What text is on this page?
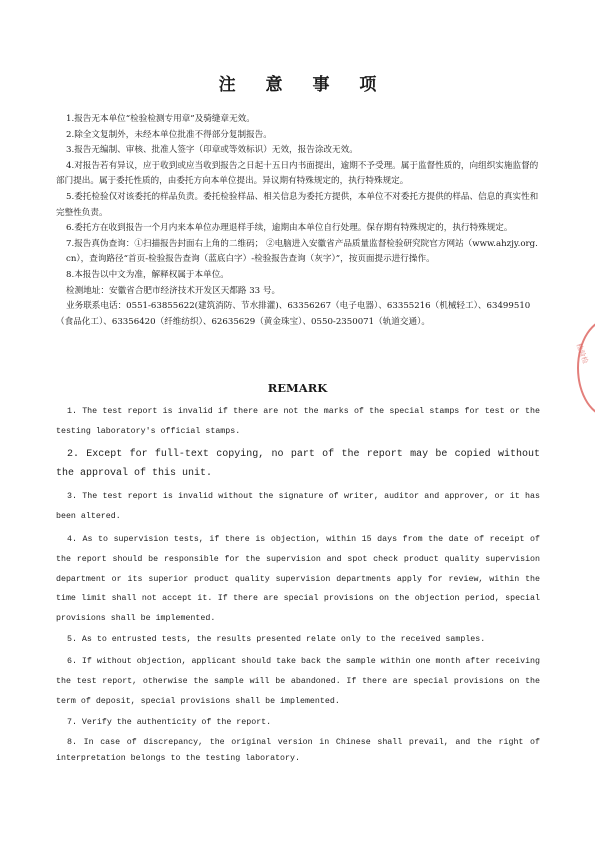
注 意 事 项

1.报告无本单位“检验检测专用章”及骑缝章无效。

2.除全文复制外，未经本单位批准不得部分复制报告。

3.报告无编制、审核、批准人签字（印章或等效标识）无效，报告涂改无效。

4.对报告若有异议，应于收到或应当收到报告之日起十五日内书面提出，逾期不予受理。属于监督性质的，向组织实施监督的部门提出。属于委托性质的，由委托方向本单位提出。异议期有特殊规定的，执行特殊规定。

5.委托检验仅对该委托的样品负责。委托检验样品、相关信息为委托方提供，本单位不对委托方提供的样品、信息的真实性和完整性负责。

6.委托方在收到报告一个月内来本单位办理退样手续，逾期由本单位自行处理。保存期有特殊规定的，执行特殊规定。

7.报告真伪查询：①扫描报告封面右上角的二维码； ②电脑进入安徽省产品质量监督检验研究院官方网站（www.ahzjy.org.cn），查询路径“首页-检验报告查询（蓝底白字）-检验报告查询（灰字）”，按页面提示进行操作。

8.本报告以中文为准，解释权属于本单位。

检测地址：安徽省合肥市经济技术开发区天都路 33 号。

业务联系电话：0551-63855622(建筑消防、节水排灌)、63356267（电子电器）、63355216（机械轻工）、63499510（食品化工）、63356420（纤维纺织）、62635629（黄金珠宝）、0550-2350071（轨道交通）。

REMARK

1. The test report is invalid if there are not the marks of the special stamps for test or the testing laboratory's official stamps.

2. Except for full-text copying, no part of the report may be copied without the approval of this unit.

3. The test report is invalid without the signature of writer, auditor and approver, or it has been altered.

4. As to supervision tests, if there is objection, within 15 days from the date of receipt of the report should be responsible for the supervision and spot check product quality supervision department or its superior product quality supervision departments apply for review, within the time limit shall not accept it. If there are special provisions on the objection period, special provisions shall be implemented.

5. As to entrusted tests, the results presented relate only to the received samples.

6. If without objection, applicant should take back the sample within one month after receiving the test report, otherwise the sample will be abandoned. If there are special provisions on the term of deposit, special provisions shall be implemented.

7. Verify the authenticity of the report.

8. In case of discrepancy, the original version in Chinese shall prevail, and the right of interpretation belongs to the testing laboratory.

检验检
